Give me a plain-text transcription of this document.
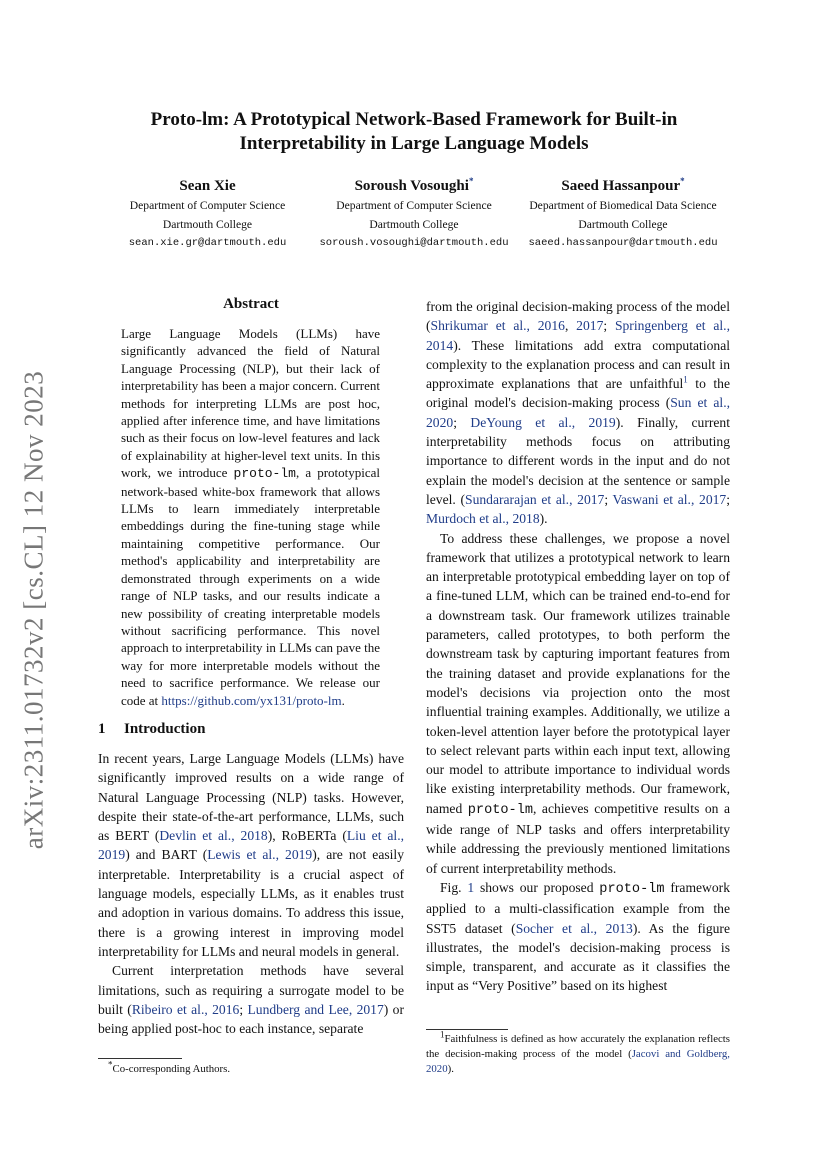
arXiv:2311.01732v2 [cs.CL] 12 Nov 2023
Proto-lm: A Prototypical Network-Based Framework for Built-in Interpretability in Large Language Models
Sean Xie
Department of Computer Science
Dartmouth College
sean.xie.gr@dartmouth.edu
Soroush Vosoughi*
Department of Computer Science
Dartmouth College
soroush.vosoughi@dartmouth.edu
Saeed Hassanpour*
Department of Biomedical Data Science
Dartmouth College
saeed.hassanpour@dartmouth.edu
Abstract

Large Language Models (LLMs) have significantly advanced the field of Natural Language Processing (NLP), but their lack of interpretability has been a major concern. Current methods for interpreting LLMs are post hoc, applied after inference time, and have limitations such as their focus on low-level features and lack of explainability at higher-level text units. In this work, we introduce proto-lm, a prototypical network-based white-box framework that allows LLMs to learn immediately interpretable embeddings during the fine-tuning stage while maintaining competitive performance. Our method's applicability and interpretability are demonstrated through experiments on a wide range of NLP tasks, and our results indicate a new possibility of creating interpretable models without sacrificing performance. This novel approach to interpretability in LLMs can pave the way for more interpretable models without the need to sacrifice performance. We release our code at https://github.com/yx131/proto-lm.

1 Introduction

In recent years, Large Language Models (LLMs) have significantly improved results on a wide range of Natural Language Processing (NLP) tasks. However, despite their state-of-the-art performance, LLMs, such as BERT (Devlin et al., 2018), RoBERTa (Liu et al., 2019) and BART (Lewis et al., 2019), are not easily interpretable. Interpretability is a crucial aspect of language models, especially LLMs, as it enables trust and adoption in various domains. To address this issue, there is a growing interest in improving model interpretability for LLMs and neural models in general.

Current interpretation methods have several limitations, such as requiring a surrogate model to be built (Ribeiro et al., 2016; Lundberg and Lee, 2017) or being applied post-hoc to each instance, separate

from the original decision-making process of the model (Shrikumar et al., 2016, 2017; Springenberg et al., 2014). These limitations add extra computational complexity to the explanation process and can result in approximate explanations that are unfaithful$^1$ to the original model's decision-making process (Sun et al., 2020; DeYoung et al., 2019). Finally, current interpretability methods focus on attributing importance to different words in the input and do not explain the model's decision at the sentence or sample level. (Sundararajan et al., 2017; Vaswani et al., 2017; Murdoch et al., 2018).

To address these challenges, we propose a novel framework that utilizes a prototypical network to learn an interpretable prototypical embedding layer on top of a fine-tuned LLM, which can be trained end-to-end for a downstream task. Our framework utilizes trainable parameters, called prototypes, to both perform the downstream task by capturing important features from the training dataset and provide explanations for the model's decisions via projection onto the most influential training examples. Additionally, we utilize a token-level attention layer before the prototypical layer to select relevant parts within each input text, allowing our model to attribute importance to individual words like existing interpretability methods. Our framework, named proto-lm, achieves competitive results on a wide range of NLP tasks and offers interpretability while addressing the previously mentioned limitations of current interpretability methods.

Fig. 1 shows our proposed proto-lm framework applied to a multi-classification example from the SST5 dataset (Socher et al., 2013). As the figure illustrates, the model's decision-making process is simple, transparent, and accurate as it classifies the input as “Very Positive” based on its highest

*Co-corresponding Authors.

$^1$Faithfulness is defined as how accurately the explanation reflects the decision-making process of the model (Jacovi and Goldberg, 2020).
